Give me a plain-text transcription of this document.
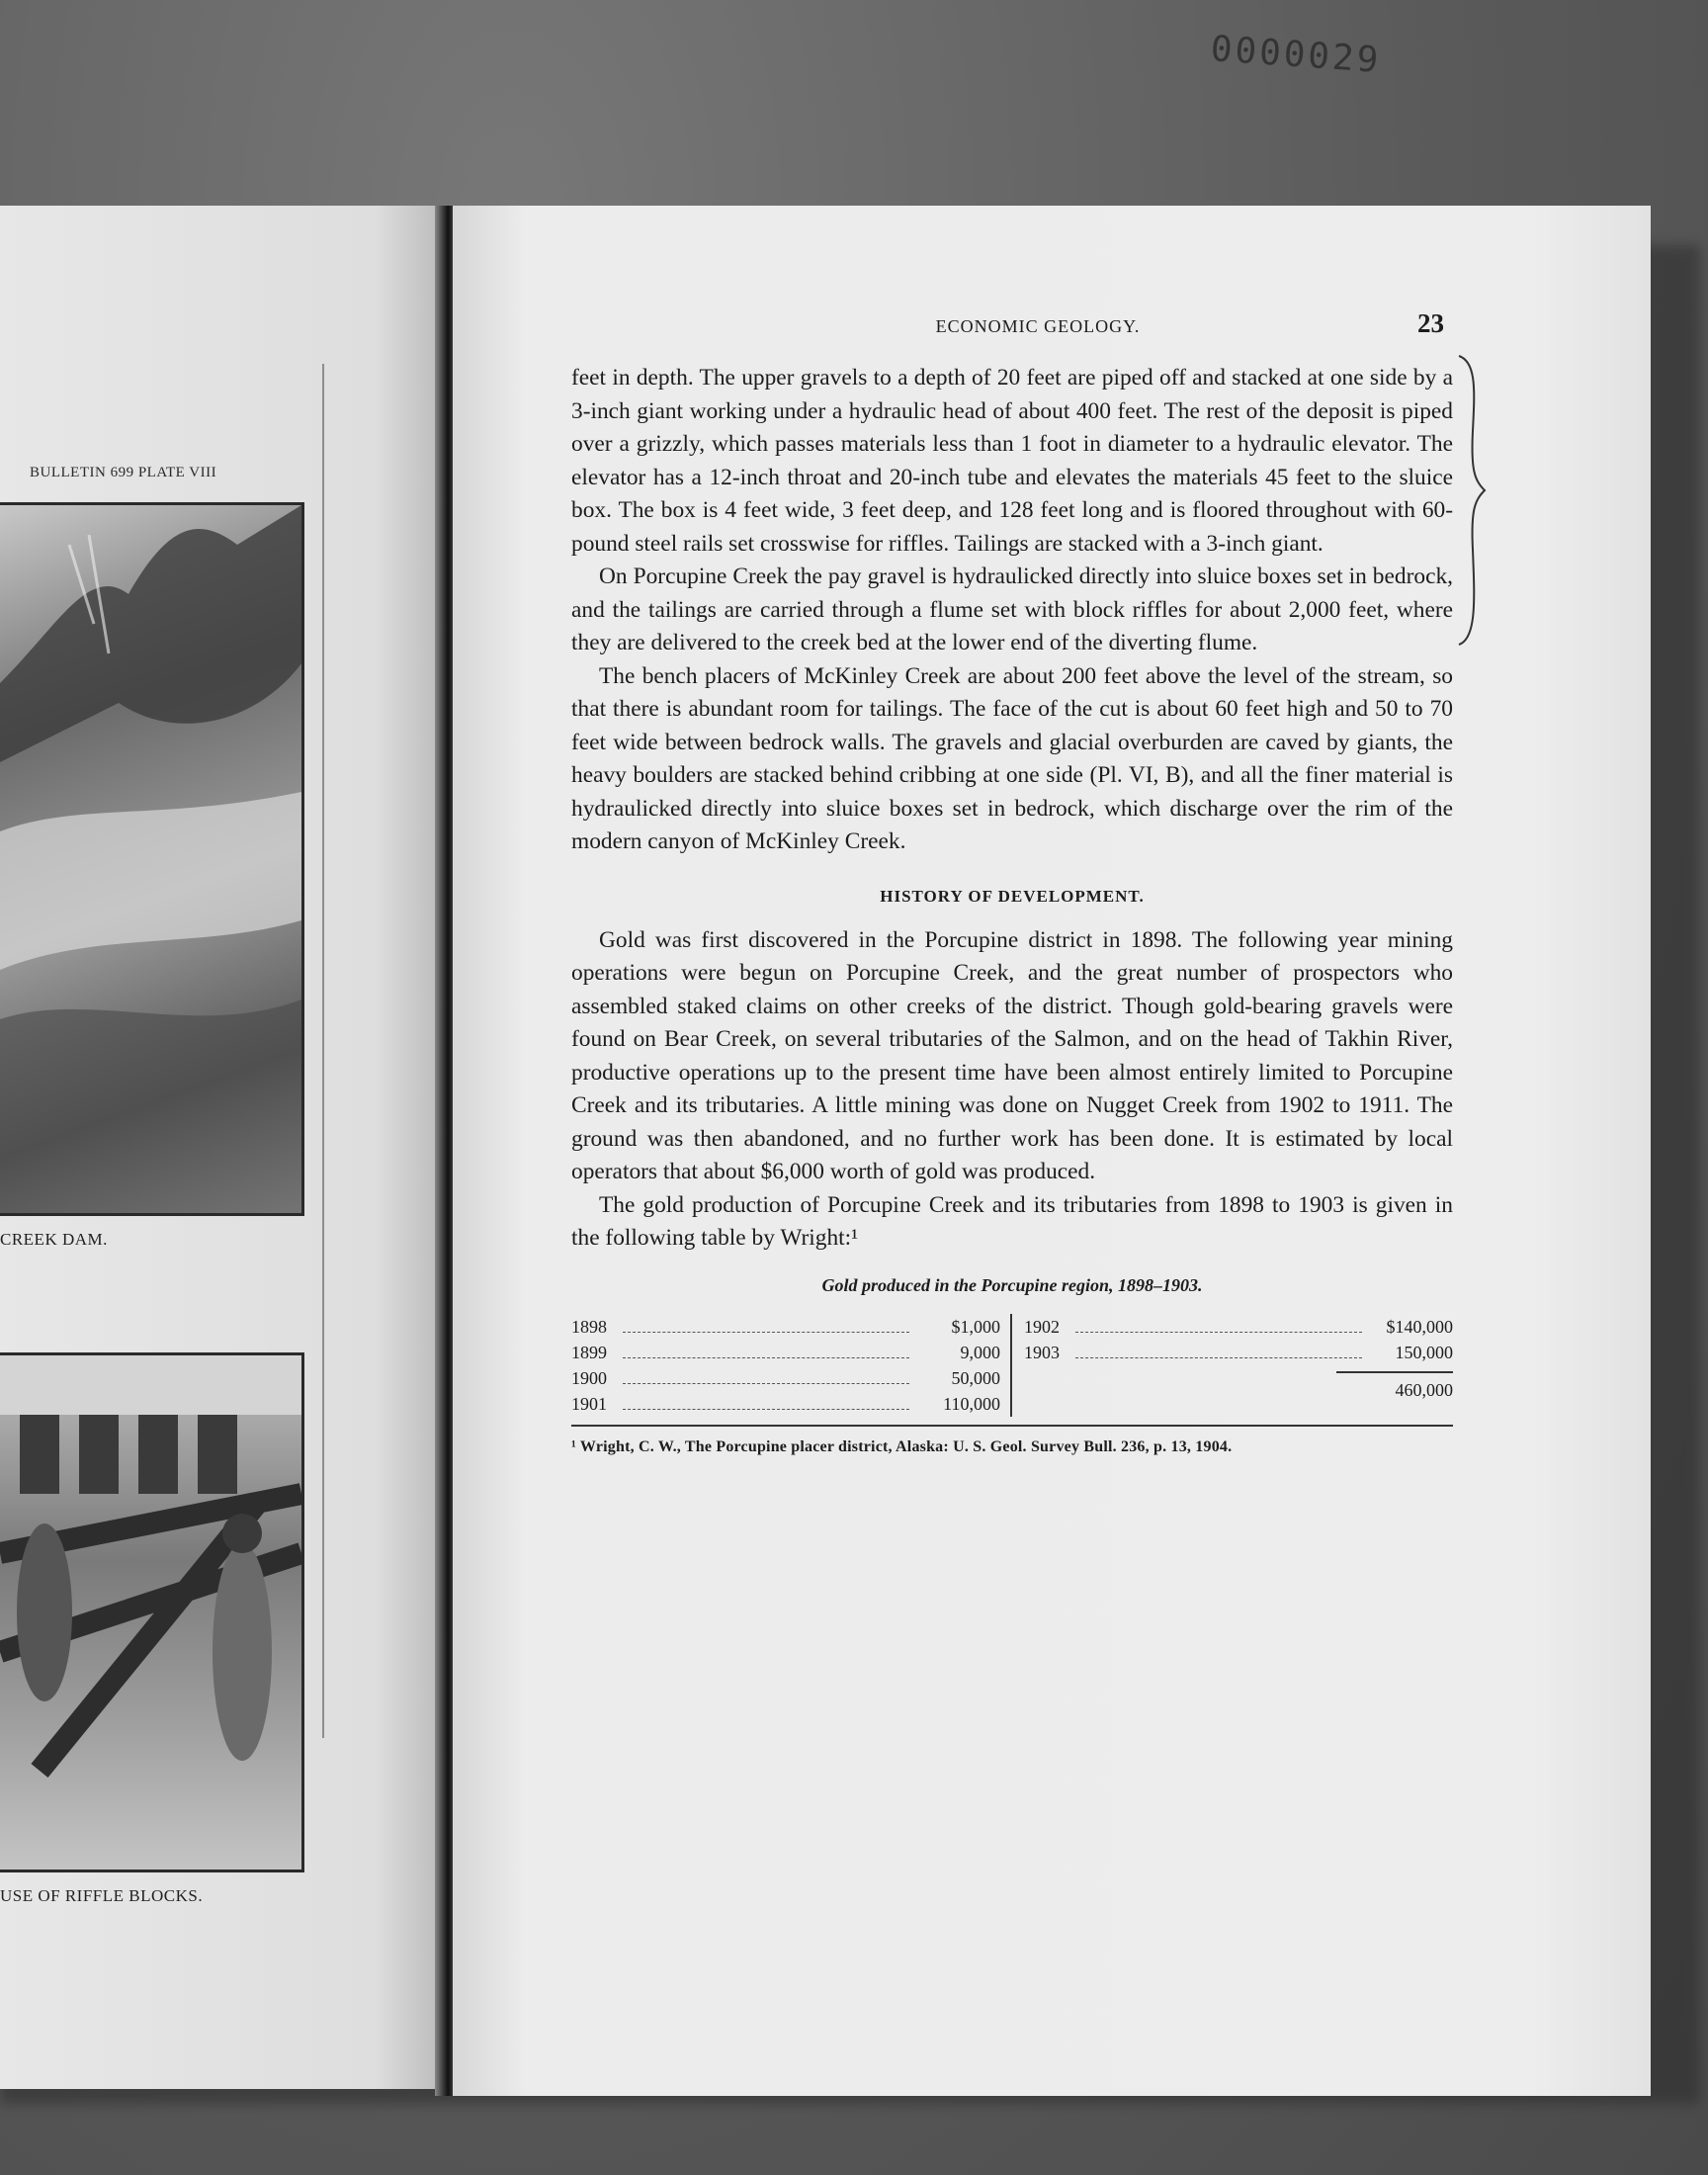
0000029
BULLETIN 699 PLATE VIII
CREEK DAM.
USE OF RIFFLE BLOCKS.
ECONOMIC GEOLOGY.	23

feet in depth. The upper gravels to a depth of 20 feet are piped off and stacked at one side by a 3-inch giant working under a hydraulic head of about 400 feet. The rest of the deposit is piped over a grizzly, which passes materials less than 1 foot in diameter to a hydraulic elevator. The elevator has a 12-inch throat and 20-inch tube and elevates the materials 45 feet to the sluice box. The box is 4 feet wide, 3 feet deep, and 128 feet long and is floored throughout with 60-pound steel rails set crosswise for riffles. Tailings are stacked with a 3-inch giant.

On Porcupine Creek the pay gravel is hydraulicked directly into sluice boxes set in bedrock, and the tailings are carried through a flume set with block riffles for about 2,000 feet, where they are delivered to the creek bed at the lower end of the diverting flume.

The bench placers of McKinley Creek are about 200 feet above the level of the stream, so that there is abundant room for tailings. The face of the cut is about 60 feet high and 50 to 70 feet wide between bedrock walls. The gravels and glacial overburden are caved by giants, the heavy boulders are stacked behind cribbing at one side (Pl. VI, B), and all the finer material is hydraulicked directly into sluice boxes set in bedrock, which discharge over the rim of the modern canyon of McKinley Creek.

HISTORY OF DEVELOPMENT.

Gold was first discovered in the Porcupine district in 1898. The following year mining operations were begun on Porcupine Creek, and the great number of prospectors who assembled staked claims on other creeks of the district. Though gold-bearing gravels were found on Bear Creek, on several tributaries of the Salmon, and on the head of Takhin River, productive operations up to the present time have been almost entirely limited to Porcupine Creek and its tributaries. A little mining was done on Nugget Creek from 1902 to 1911. The ground was then abandoned, and no further work has been done. It is estimated by local operators that about $6,000 worth of gold was produced.

The gold production of Porcupine Creek and its tributaries from 1898 to 1903 is given in the following table by Wright:¹

Gold produced in the Porcupine region, 1898–1903.
1898	$1,000
1899	9,000
1900	50,000
1901	110,000
1902	$140,000
1903	150,000
460,000
¹ Wright, C. W., The Porcupine placer district, Alaska: U. S. Geol. Survey Bull. 236, p. 13, 1904.
